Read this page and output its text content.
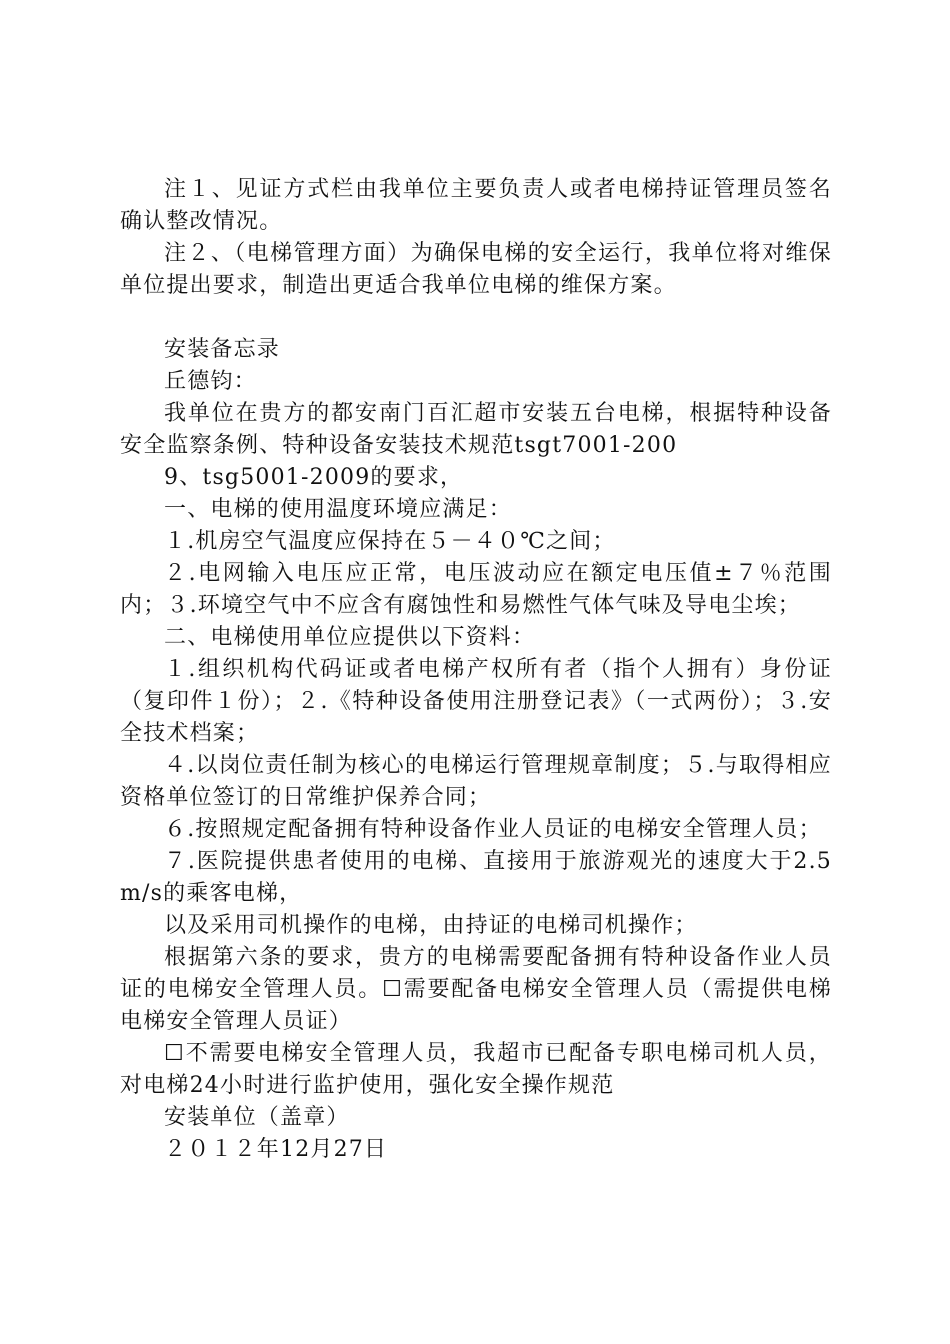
注１、见证方式栏由我单位主要负责人或者电梯持证管理员签名确认整改情况。

注２、（电梯管理方面）为确保电梯的安全运行，我单位将对维保单位提出要求，制造出更适合我单位电梯的维保方案。

安装备忘录

丘德钧：

我单位在贵方的都安南门百汇超市安装五台电梯，根据特种设备安全监察条例、特种设备安装技术规范tsgt7001-200

9、tsg5001-2009的要求，

一、电梯的使用温度环境应满足：

１.机房空气温度应保持在５－４０℃之间；

２.电网输入电压应正常，电压波动应在额定电压值±７％范围内；３.环境空气中不应含有腐蚀性和易燃性气体气味及导电尘埃；

二、电梯使用单位应提供以下资料：

１.组织机构代码证或者电梯产权所有者（指个人拥有）身份证（复印件１份）；２.《特种设备使用注册登记表》（一式两份）；３.安全技术档案；

４.以岗位责任制为核心的电梯运行管理规章制度；５.与取得相应资格单位签订的日常维护保养合同；

６.按照规定配备拥有特种设备作业人员证的电梯安全管理人员；

７.医院提供患者使用的电梯、直接用于旅游观光的速度大于2.5m/s的乘客电梯，

以及采用司机操作的电梯，由持证的电梯司机操作；

根据第六条的要求，贵方的电梯需要配备拥有特种设备作业人员证的电梯安全管理人员。☐需要配备电梯安全管理人员（需提供电梯电梯安全管理人员证）

☐不需要电梯安全管理人员，我超市已配备专职电梯司机人员，对电梯24小时进行监护使用，强化安全操作规范

安装单位（盖章）

２０１２年12月27日
